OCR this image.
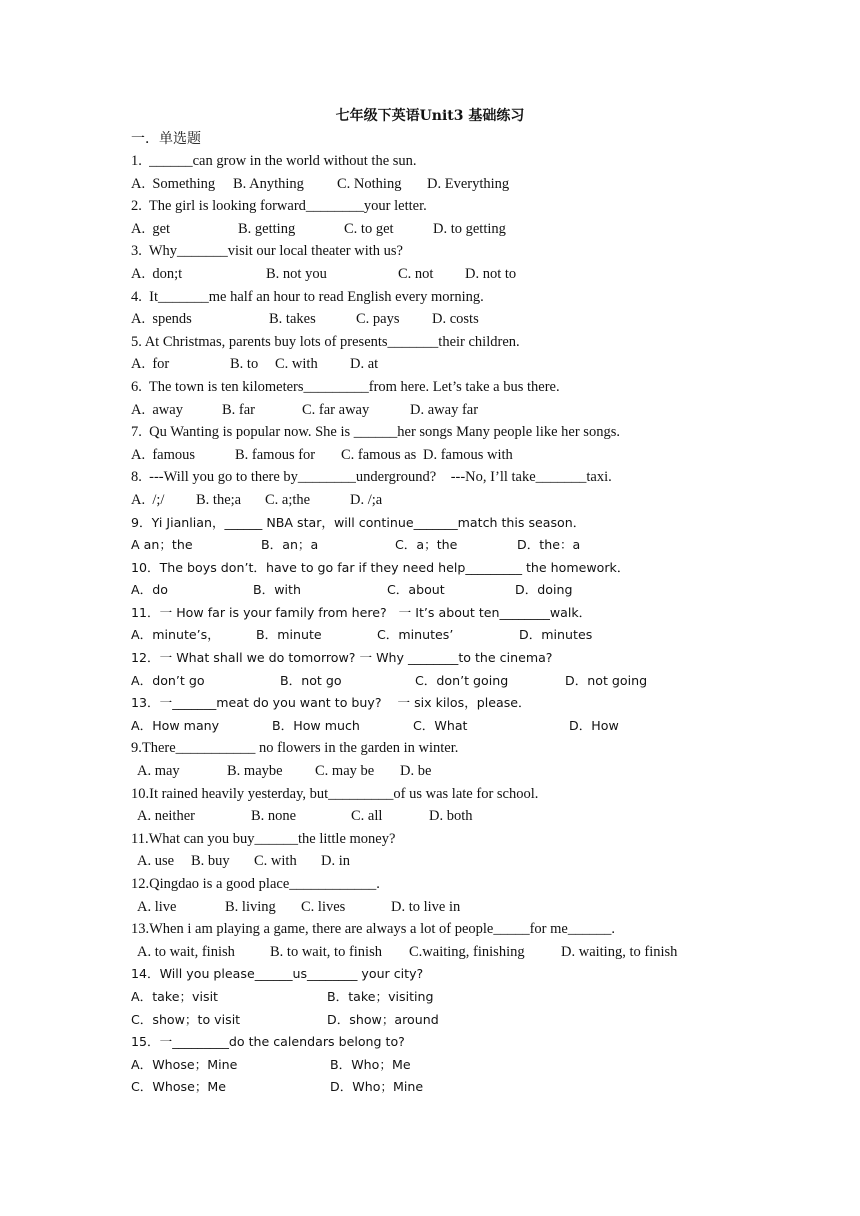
七年级下英语Unit3 基础练习
一．单选题
1.  ______can grow in the world without the sun.
A.  Something B. Anything C. Nothing D. Everything
2.  The girl is looking forward________your letter.
A.  get	B. getting	C. to get	D. to getting
3.  Why_______visit our local theater with us?
A.  don;t	B. not you	C. not D. not to
4.  It_______me half an hour to read English every morning.
A.  spends	B. takes	C. pays D. costs
5. At Christmas, parents buy lots of presents_______their children.
A.  for	B. to C. with D. at
6.  The town is ten kilometers_________from here. Let’s take a bus there.
A.  away	B. far	C. far away	D. away far
7.  Qu Wanting is popular now. She is ______her songs Many people like her songs.
A.  famous	B. famous for C. famous as D. famous with
8.  ---Will you go to there by________underground?    ---No, I’ll take_______taxi.
A.  /;/ B. the;a C. a;the	D. /;a
9．Yi Jianlian，______ NBA star，will continue_______match this season．
A an；the	B．an；a	C．a；the	D．the：a
10．The boys don’t．have to go far if they need help_________ the homework．
A．do	B．with	C．about	D．doing
11．一 How far is your family from here?   一 It’s about ten________walk．
A．minute’s，	B．minute	C．minutes’	D．minutes
12．一 What shall we do tomorrow? 一 Why ________to the cinema?
A．don’t go	B．not go	C．don’t going	D．not going
13．一_______meat do you want to buy?    一 six kilos，please．
A．How many	B．How much	C．What	D．How
9.There___________ no flowers in the garden in winter.
A. may	B. maybe C. may be D. be
10.It rained heavily yesterday, but_________of us was late for school.
A. neither	B. none	C. all	D. both
11.What can you buy______the little money?
A. use B. buy C. with D. in
12.Qingdao is a good place____________.
A. live	B. living C. lives	D. to live in
13.When i am playing a game, there are always a lot of people_____for me______.
A. to wait, finish B. to wait, to finish C.waiting, finishing	D. waiting, to finish
14．Will you please______us________ your city?
A．take；visit	B．take；visiting
C．show；to visit	D．show；around
15．一_________do the calendars belong to?
A．Whose；Mine	B．Who；Me
C．Whose；Me	D．Who；Mine
